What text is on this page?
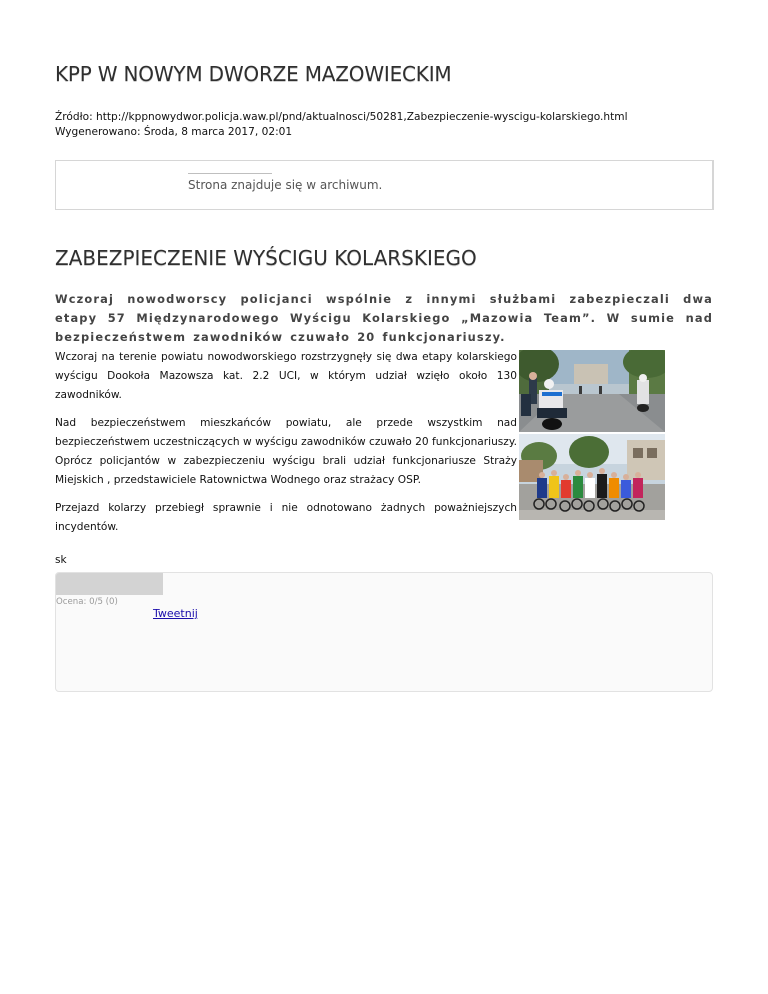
KPP W NOWYM DWORZE MAZOWIECKIM
Źródło: http://kppnowydwor.policja.waw.pl/pnd/aktualnosci/50281,Zabezpieczenie-wyscigu-kolarskiego.html
Wygenerowano: Środa, 8 marca 2017, 02:01
Strona znajduje się w archiwum.
ZABEZPIECZENIE WYŚCIGU KOLARSKIEGO

Wczoraj nowodworscy policjanci wspólnie z innymi służbami zabezpieczali dwa etapy 57 Międzynarodowego Wyścigu Kolarskiego „Mazowia Team”. W sumie nad bezpieczeństwem zawodników czuwało 20 funkcjonariuszy.

Wczoraj na terenie powiatu nowodworskiego rozstrzygnęły się dwa etapy kolarskiego wyścigu Dookoła Mazowsza kat. 2.2 UCI, w którym udział wzięło około 130 zawodników.

Nad bezpieczeństwem mieszkańców powiatu, ale przede wszystkim nad bezpieczeństwem uczestniczących w wyścigu zawodników czuwało 20 funkcjonariuszy. Oprócz policjantów w zabezpieczeniu wyścigu brali udział funkcjonariusze Straży Miejskich , przedstawiciele Ratownictwa Wodnego oraz strażacy OSP.

Przejazd kolarzy przebiegł sprawnie i nie odnotowano żadnych poważniejszych incydentów.

sk

Ocena: 0/5 (0)
Tweetnij
